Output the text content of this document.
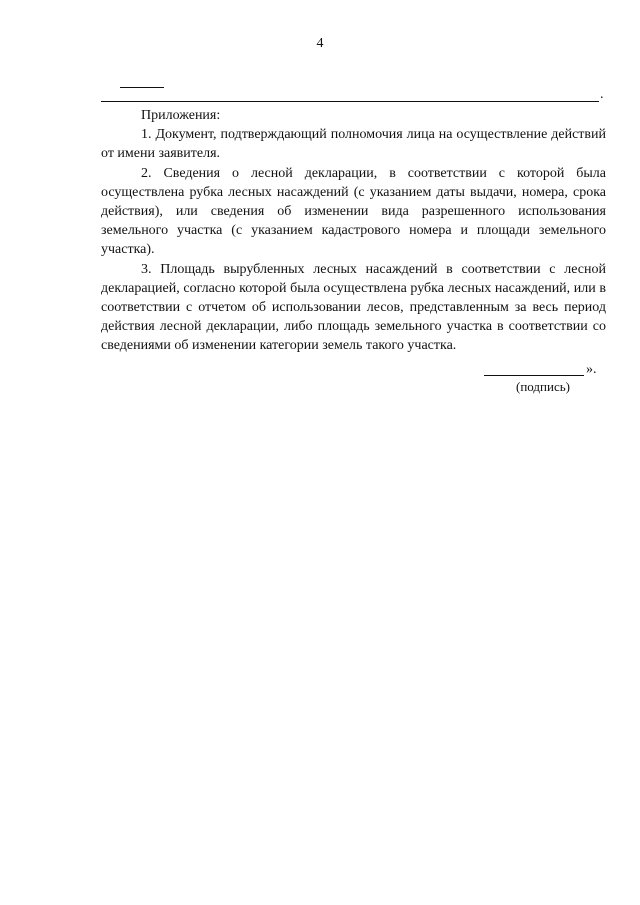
4
.

Приложения:

1. Документ, подтверждающий полномочия лица на осуществление действий от имени заявителя.

2. Сведения о лесной декларации, в соответствии с которой была осуществлена рубка лесных насаждений (с указанием даты выдачи, номера, срока действия), или сведения об изменении вида разрешенного использования земельного участка (с указанием кадастрового номера и площади земельного участка).

3. Площадь вырубленных лесных насаждений в соответствии с лесной декларацией, согласно которой была осуществлена рубка лесных насаждений, или в соответствии с отчетом об использовании лесов, представленным за весь период действия лесной декларации, либо площадь земельного участка в соответствии со сведениями об изменении категории земель такого участка.

».
(подпись)
